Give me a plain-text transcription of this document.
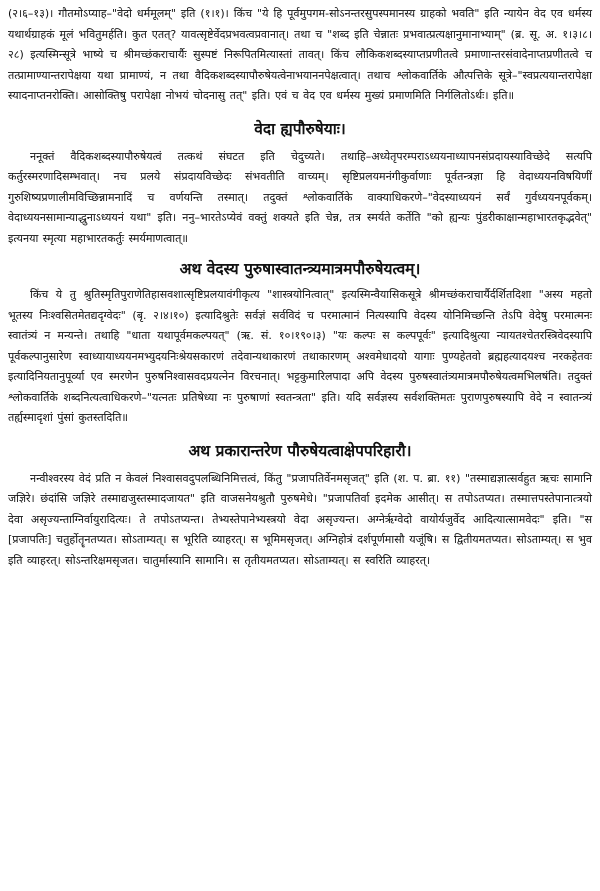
(२।६–१३)। गौतमोऽप्याह–"वेदो धर्ममूलम्" इति (१।१)। किंच "ये हि पूर्वमुपगम-सोऽनन्तरसुपस्पमानस्य ग्राहको भवति" इति न्यायेन वेद एव धर्मस्य यथार्थग्राहकं मूलं भवितुमर्हति। कुत एतत्? यावत्सृष्टेर्वेदप्रभवत्वप्रवानात्। तथा च "शब्द इति चेन्नातः प्रभवात्प्रत्यक्षानुमानाभ्याम्" (ब्र. सू. अ. १।३।८।२८) इत्यस्मिन्सूत्रे भाष्ये च श्रीमच्छंकराचार्यैः सुस्पष्टं निरूपितमित्यास्तां तावत्। किंच लौकिकशब्दस्याप्तप्रणीतत्वे प्रमाणान्तरसंवादेनाप्तप्रणीतत्वे च तत्प्रामाण्यान्तरापेक्षया यथा प्रामाण्यं, न तथा वैदिकशब्दस्यापौरुषेयत्वेनाभयाननपेक्षत्वात्। तथाच श्लोकवार्तिके औत्पत्तिके सूत्रे–"स्वप्रत्ययान्तरापेक्षा स्यादनाप्तनरोक्ति। आसोक्तिषु परापेक्षा नोभयं चोदनासु तत्" इति। एवं च वेद एव धर्मस्य मुख्यं प्रमाणमिति निर्गलितोऽर्थः। इति॥

वेदा ह्यपौरुषेयाः।

ननूक्तं वैदिकशब्दस्यापौरुषेयत्वं तत्कथं संघटत इति चेदुच्यते। तथाहि–अध्येतृपरम्पराऽध्ययनाध्यापनसंप्रदायस्याविच्छेदे सत्यपि कर्तुरस्मरणादिसम्भवात्। नच प्रलये संप्रदायविच्छेदः संभवतीति वाच्यम्। सृष्टिप्रलयमनंगीकुर्वाणाः पूर्वतन्त्रज्ञा हि वेदाध्ययनविषयिणीं गुरुशिष्यप्रणालीमविच्छिन्नामनादिं च वर्णयन्ति तस्मात्। तदुक्तं श्लोकवार्तिके वाक्याधिकरणे–"वेदस्याध्ययनं सर्वं गुर्वध्ययनपूर्वकम्। वेदाध्ययनसामान्याद्धुनाऽध्ययनं यथा" इति। ननु–भारतेऽप्येवं वक्तुं शक्यते इति चेन्न, तत्र स्मर्यते कर्तेति "को ह्यन्यः पुंडरीकाक्षान्महाभारतकृद्भवेत्" इत्यनया स्मृत्या महाभारतकर्तुः स्मर्यमाणत्वात्॥

अथ वेदस्य पुरुषास्वातन्त्र्यमात्रमपौरुषेयत्वम्।

किंच ये तु श्रुतिस्मृतिपुराणेतिहासवशात्सृष्टिप्रलयावंगीकृत्य "शास्त्रयोनित्वात्" इत्यस्मिन्वैयासिकसूत्रे श्रीमच्छंकराचार्यैर्दर्शितदिशा "अस्य महतो भूतस्य निःश्वसितमेतद्यदृग्वेदः" (बृ. २।४।१०) इत्यादिश्रुतेः सर्वज्ञं सर्वविदं च परमात्मानं नित्यस्यापि वेदस्य योनिमिच्छन्ति तेऽपि वेदेषु परमात्मनः स्वातंत्र्यं न मन्यन्ते। तथाहि "धाता यथापूर्वमकल्पयत्" (ऋ. सं. १०।१९०।३) "यः कल्पः स कल्पपूर्वः" इत्यादिश्रुत्या न्यायतश्चेतरस्त्रिवेदस्यापि पूर्वकल्पानुसारेण स्वाध्यायाध्ययनमभ्युदयनिःश्रेयसकारणं तदेवान्यथाकारणं तथाकारणम् अश्वमेधादयो यागाः पुण्यहेतवो ब्रह्महत्यादयश्च नरकहेतवः इत्यादिनियतानुपूर्व्या एव स्मरणेन पुरुषनिश्वासवदप्रयत्नेन विरचनात्। भट्टकुमारिलपादा अपि वेदस्य पुरुषस्वातंत्र्यमात्रमपौरुषेयत्वमभिलषंति। तदुक्तं श्लोकवार्तिके शब्दनित्यत्वाधिकरणे–"यत्नतः प्रतिषेध्या नः पुरुषाणां स्वतन्त्रता" इति। यदि सर्वज्ञस्य सर्वशक्तिमतः पुराणपुरुषस्यापि वेदे न स्वातन्त्र्यं तर्ह्यस्मादृशां पुंसां कुतस्तदिति॥

अथ प्रकारान्तरेण पौरुषेयत्वाक्षेपपरिहारौ।

नन्वीश्वरस्य वेदं प्रति न केवलं निश्वासवदुपलब्धिनिमित्तत्वं, किंतु "प्रजापतिर्वेनमसृजत्" इति (श. प. ब्रा. ११) "तस्माद्यज्ञात्सर्वहुत ऋचः सामानि जज्ञिरे। छंदांसि जज्ञिरे तस्माद्यजुस्तस्मादजायत" इति वाजसनेयश्रुतौ पुरुषमेधे। "प्रजापतिर्वा इदमेक आसीत्। स तपोऽतप्यत। तस्मात्तपस्तेपानात्त्रयो देवा असृज्यन्ताग्निर्वायुरादित्यः। ते तपोऽतप्यन्त। तेभ्यस्तेपानेभ्यस्त्रयो वेदा असृज्यन्त। अग्नेर्ऋग्वेदो वायोर्यजुर्वेद आदित्यात्सामवेदः" इति। "स [प्रजापतिः] चतुर्होतॄनतप्यत। सोऽताम्यत्। स भूरिति व्याहरत्। स भूमिमसृजत्। अग्निहोत्रं दर्शपूर्णमासौ यजूंषि। स द्वितीयमतप्यत। सोऽताम्यत्। स भुव इति व्याहरत्। सोऽन्तरिक्षमसृजत। चातुर्मास्यानि सामानि। स तृतीयमतप्यत। सोऽताम्यत्। स स्वरिति व्याहरत्।
